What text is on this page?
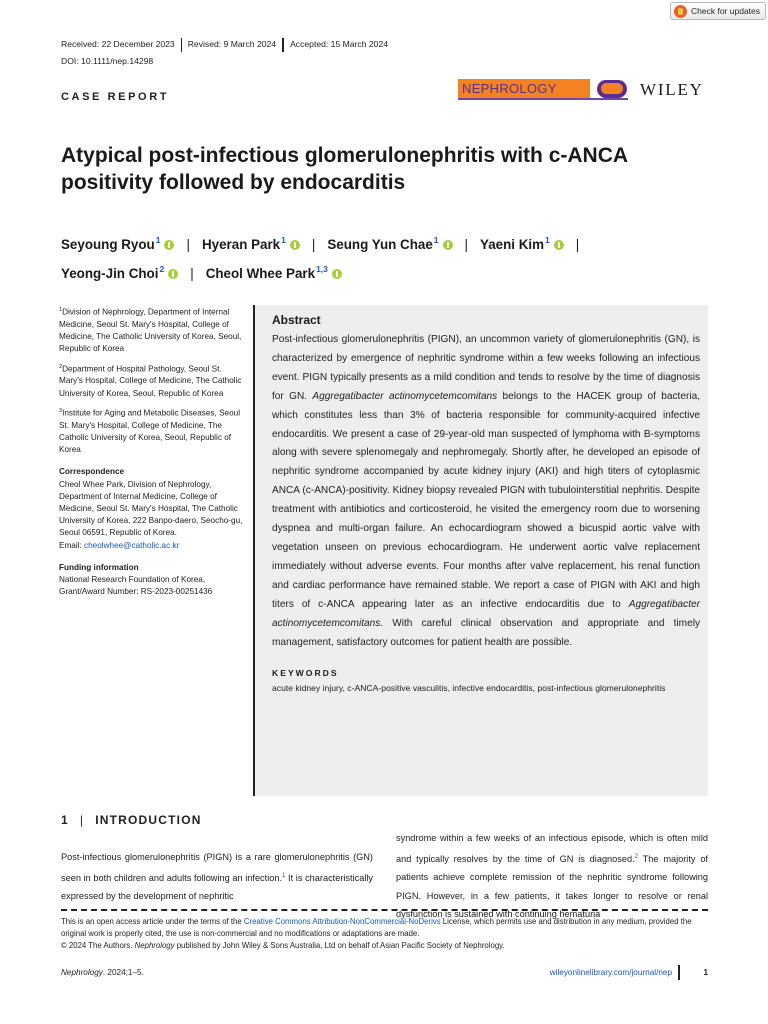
Check for updates
Received: 22 December 2023	Revised: 9 March 2024	Accepted: 15 March 2024
DOI: 10.1111/nep.14298
CASE REPORT
NEPHROLOGY	WILEY
Atypical post-infectious glomerulonephritis with c-ANCA positivity followed by endocarditis
Seyoung Ryou$^1$ | Hyeran Park$^1$ | Seung Yun Chae$^1$ | Yaeni Kim$^1$ |
Yeong-Jin Choi$^2$ | Cheol Whee Park$^{1,3}$
$^1$Division of Nephrology, Department of Internal Medicine, Seoul St. Mary's Hospital, College of Medicine, The Catholic University of Korea, Seoul, Republic of Korea
$^2$Department of Hospital Pathology, Seoul St. Mary's Hospital, College of Medicine, The Catholic University of Korea, Seoul, Republic of Korea
$^3$Institute for Aging and Metabolic Diseases, Seoul St. Mary's Hospital, College of Medicine, The Catholic University of Korea, Seoul, Republic of Korea
Correspondence
Cheol Whee Park, Division of Nephrology, Department of Internal Medicine, College of Medicine, Seoul St. Mary's Hospital, The Catholic University of Korea, 222 Banpo-daero, Seocho-gu, Seoul 06591, Republic of Korea.
Email: cheolwhee@catholic.ac.kr
Funding information
National Research Foundation of Korea, Grant/Award Number: RS-2023-00251436
Abstract

Post-infectious glomerulonephritis (PIGN), an uncommon variety of glomerulonephritis (GN), is characterized by emergence of nephritic syndrome within a few weeks following an infectious event. PIGN typically presents as a mild condition and tends to resolve by the time of diagnosis for GN. Aggregatibacter actinomycetemcomitans belongs to the HACEK group of bacteria, which constitutes less than 3% of bacteria responsible for community-acquired infective endocarditis. We present a case of 29-year-old man suspected of lymphoma with B-symptoms along with severe splenomegaly and nephromegaly. Shortly after, he developed an episode of nephritic syndrome accompanied by acute kidney injury (AKI) and high titers of cytoplasmic ANCA (c-ANCA)-positivity. Kidney biopsy revealed PIGN with tubulointerstitial nephritis. Despite treatment with antibiotics and corticosteroid, he visited the emergency room due to worsening dyspnea and multi-organ failure. An echocardiogram showed a bicuspid aortic valve with vegetation unseen on previous echocardiogram. He underwent aortic valve replacement immediately without adverse events. Four months after valve replacement, his renal function and cardiac performance have remained stable. We report a case of PIGN with AKI and high titers of c-ANCA appearing later as an infective endocarditis due to Aggregatibacter actinomycetemcomitans. With careful clinical observation and appropriate and timely management, satisfactory outcomes for patient health are possible.

KEYWORDS
acute kidney injury, c-ANCA-positive vasculitis, infective endocarditis, post-infectious glomerulonephritis
1 | INTRODUCTION

Post-infectious glomerulonephritis (PIGN) is a rare glomerulonephritis (GN) seen in both children and adults following an infection.$^1$ It is characteristically expressed by the development of nephritic

syndrome within a few weeks of an infectious episode, which is often mild and typically resolves by the time of GN is diagnosed.$^2$ The majority of patients achieve complete remission of the nephritic syndrome following PIGN. However, in a few patients, it takes longer to resolve or renal dysfunction is sustained with continuing hematuria

This is an open access article under the terms of the Creative Commons Attribution-NonCommercial-NoDerivs License, which permits use and distribution in any medium, provided the original work is properly cited, the use is non-commercial and no modifications or adaptations are made.
© 2024 The Authors. Nephrology published by John Wiley & Sons Australia, Ltd on behalf of Asian Pacific Society of Nephrology.
Nephrology. 2024;1–5.	wileyonlinelibrary.com/journal/nep	1
